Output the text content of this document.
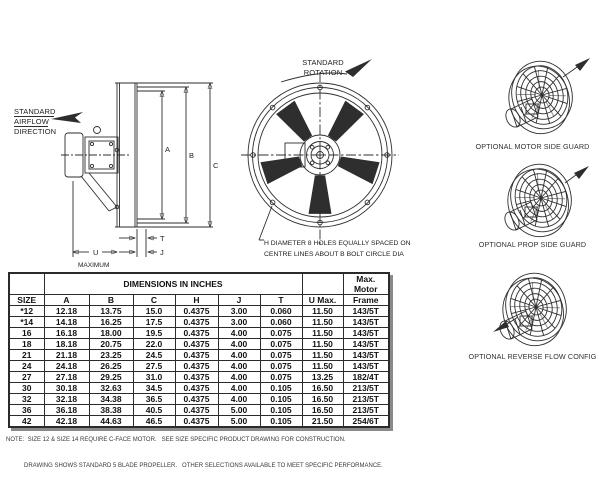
STANDARD
AIRFLOW
DIRECTION
A
B
C
T
J
U
MAXIMUM
STANDARD
ROTATION
H DIAMETER 8 HOLES EQUALLY SPACED ON
CENTRE LINES ABOUT B BOLT CIRCLE DIA
OPTIONAL MOTOR SIDE GUARD
OPTIONAL PROP SIDE GUARD
OPTIONAL REVERSE FLOW CONFIG
	DIMENSIONS IN INCHES							Max. Motor
SIZE	A	B	C	H	J	T	U Max.	Frame
*12	12.18	13.75	15.0	0.4375	3.00	0.060	11.50	143/5T
*14	14.18	16.25	17.5	0.4375	3.00	0.060	11.50	143/5T
16	16.18	18.00	19.5	0.4375	4.00	0.075	11.50	143/5T
18	18.18	20.75	22.0	0.4375	4.00	0.075	11.50	143/5T
21	21.18	23.25	24.5	0.4375	4.00	0.075	11.50	143/5T
24	24.18	26.25	27.5	0.4375	4.00	0.075	11.50	143/5T
27	27.18	29.25	31.0	0.4375	4.00	0.075	13.25	182/4T
30	30.18	32.63	34.5	0.4375	4.00	0.105	16.50	213/5T
32	32.18	34.38	36.5	0.4375	4.00	0.105	16.50	213/5T
36	36.18	38.38	40.5	0.4375	5.00	0.105	16.50	213/5T
42	42.18	44.63	46.5	0.4375	5.00	0.105	21.50	254/6T

NOTE:  SIZE 12 & SIZE 14 REQUIRE C-FACE MOTOR.   SEE SIZE SPECIFIC PRODUCT DRAWING FOR CONSTRUCTION.

DRAWING SHOWS STANDARD 5 BLADE PROPELLER.   OTHER SELECTIONS AVAILABLE TO MEET SPECIFIC PERFORMANCE.
